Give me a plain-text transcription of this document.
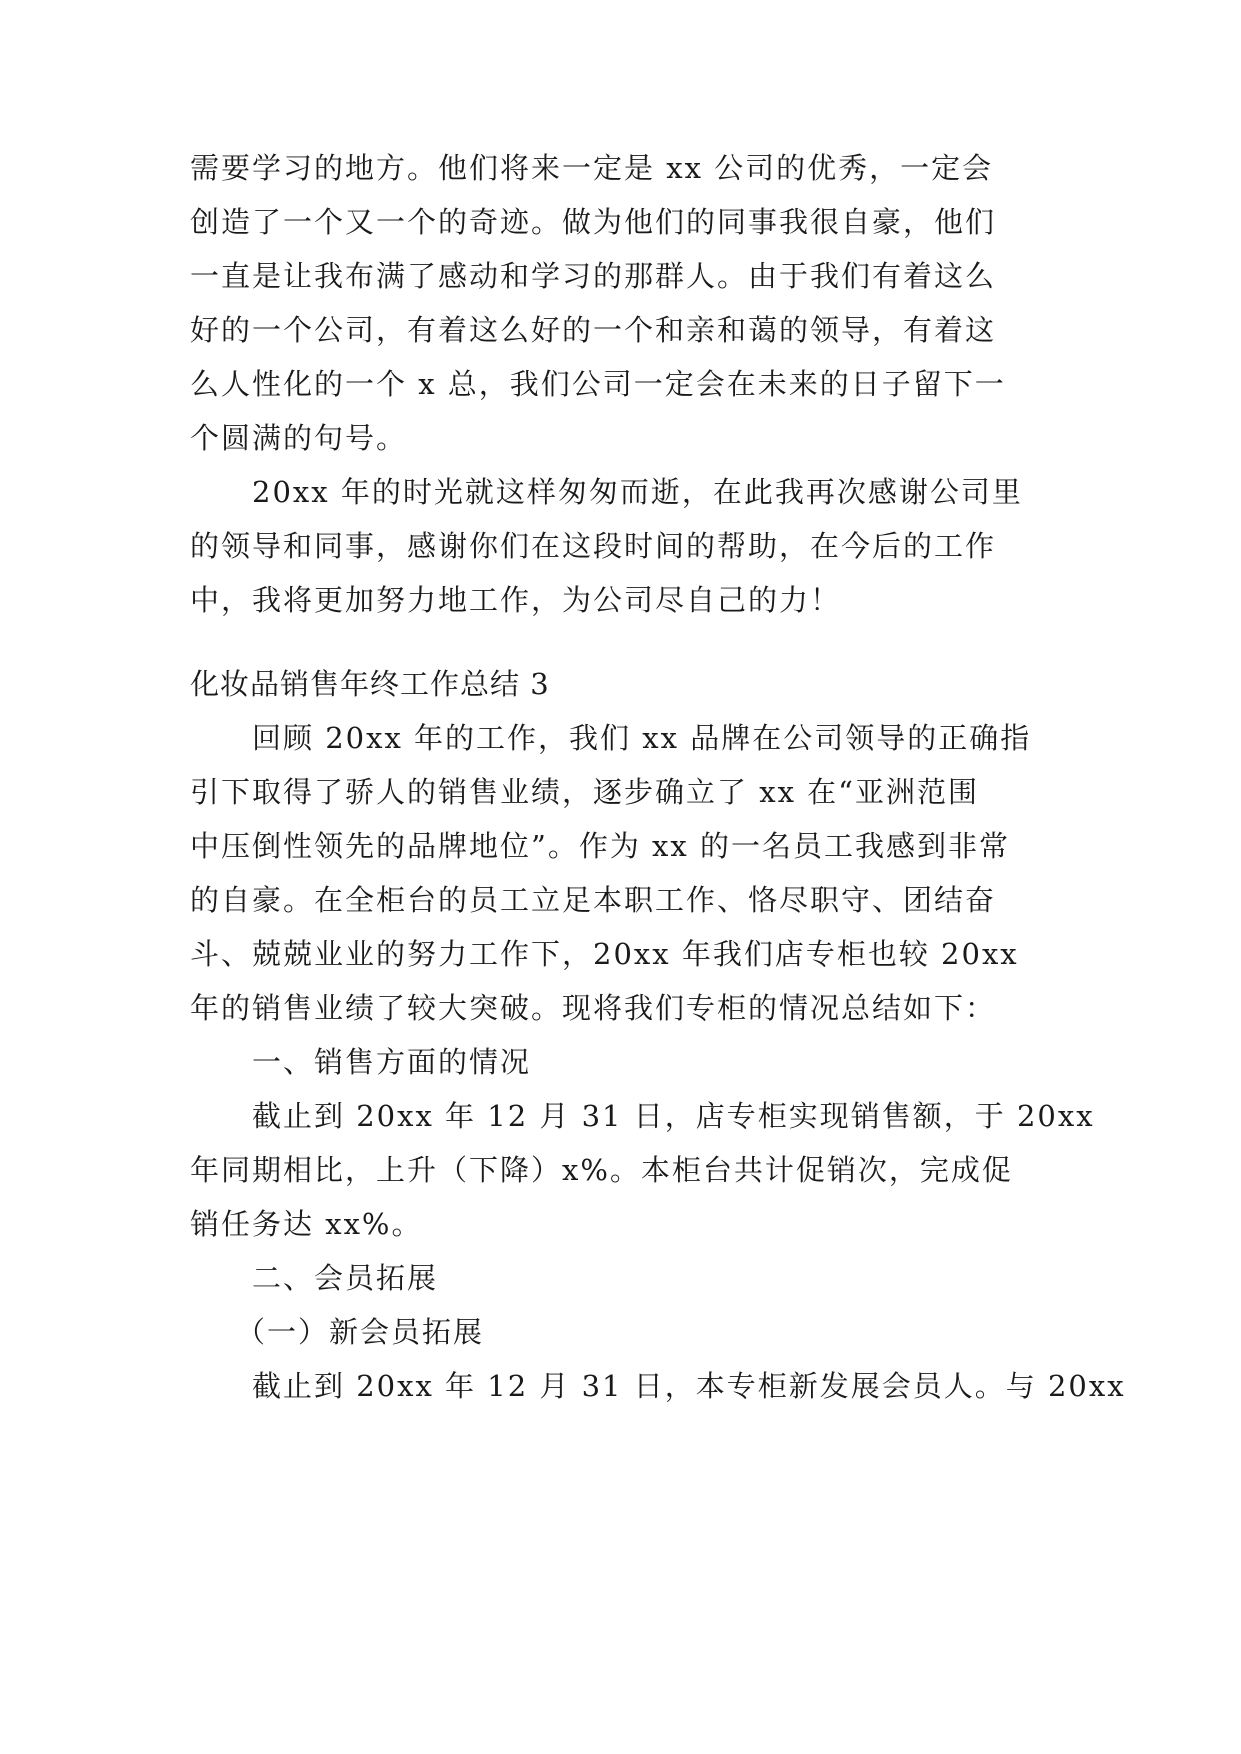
需要学习的地方。他们将来一定是 xx 公司的优秀，一定会
创造了一个又一个的奇迹。做为他们的同事我很自豪，他们
一直是让我布满了感动和学习的那群人。由于我们有着这么
好的一个公司，有着这么好的一个和亲和蔼的领导，有着这
么人性化的一个 x 总，我们公司一定会在未来的日子留下一
个圆满的句号。
20xx 年的时光就这样匆匆而逝，在此我再次感谢公司里
的领导和同事，感谢你们在这段时间的帮助，在今后的工作
中，我将更加努力地工作，为公司尽自己的力！
化妆品销售年终工作总结 3
回顾 20xx 年的工作，我们 xx 品牌在公司领导的正确指
引下取得了骄人的销售业绩，逐步确立了 xx 在“亚洲范围
中压倒性领先的品牌地位”。作为 xx 的一名员工我感到非常
的自豪。在全柜台的员工立足本职工作、恪尽职守、团结奋
斗、兢兢业业的努力工作下，20xx 年我们店专柜也较 20xx
年的销售业绩了较大突破。现将我们专柜的情况总结如下：
一、销售方面的情况
截止到 20xx 年 12 月 31 日，店专柜实现销售额，于 20xx
年同期相比，上升（下降）x%。本柜台共计促销次，完成促
销任务达 xx%。
二、会员拓展
（一）新会员拓展
截止到 20xx 年 12 月 31 日，本专柜新发展会员人。与 20xx
